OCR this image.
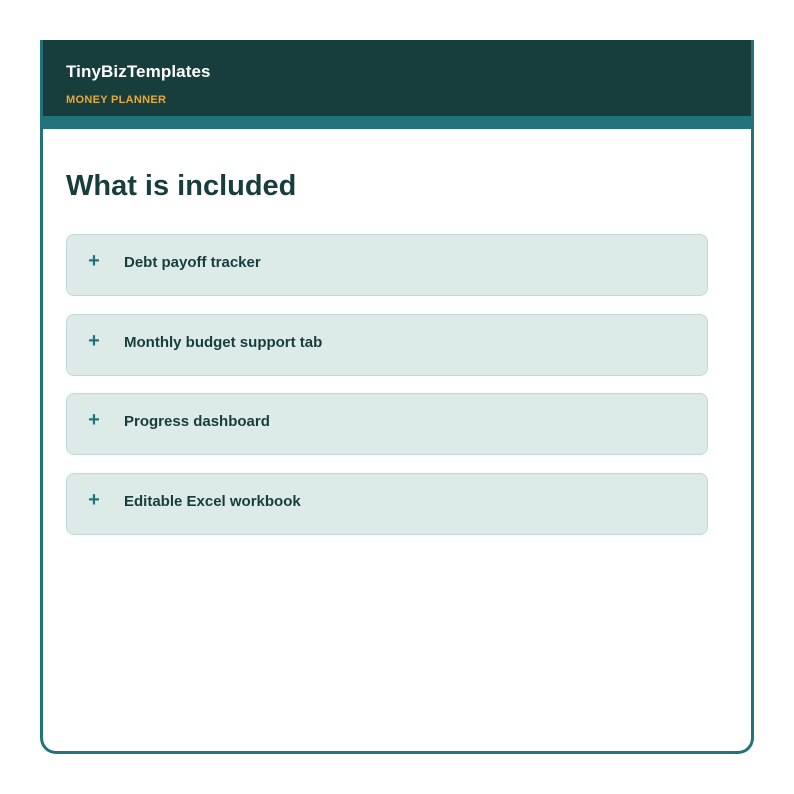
TinyBizTemplates

MONEY PLANNER

What is included
+ Debt payoff tracker
+ Monthly budget support tab
+ Progress dashboard
+ Editable Excel workbook
